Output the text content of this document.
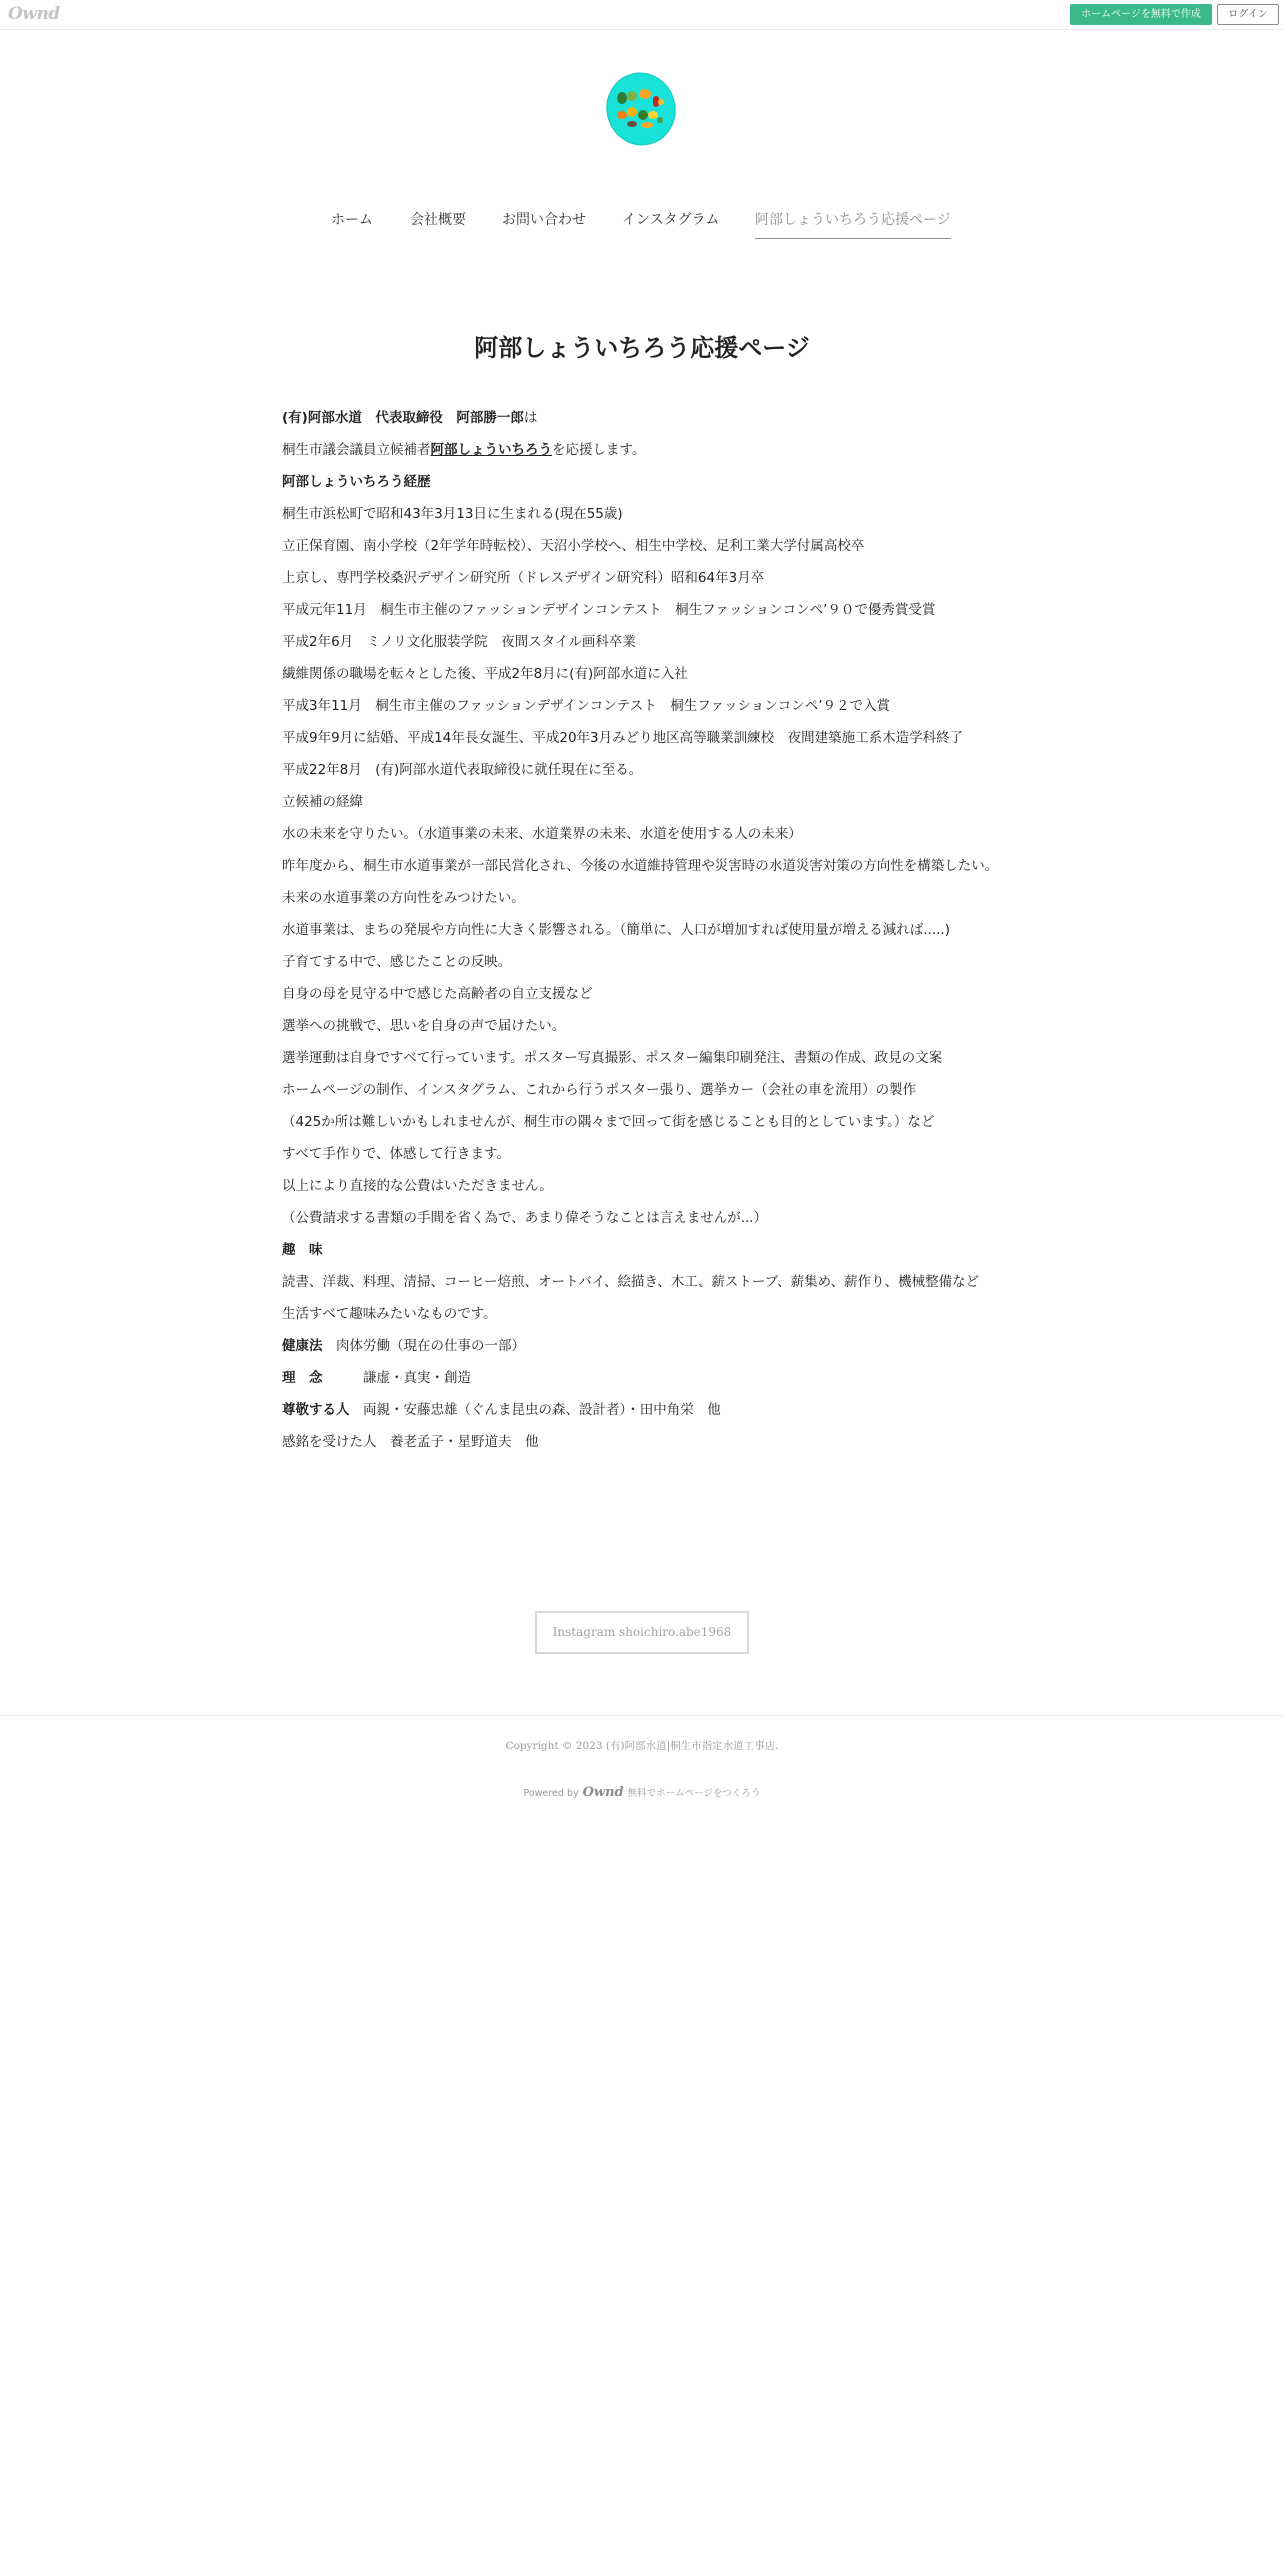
Ownd	ホームページを無料で作成	ログイン
ホーム	会社概要	お問い合わせ	インスタグラム	阿部しょういちろう応援ページ
阿部しょういちろう応援ページ

(有)阿部水道　代表取締役　阿部勝一郎は

桐生市議会議員立候補者阿部しょういちろうを応援します。

阿部しょういちろう経歴

桐生市浜松町で昭和43年3月13日に生まれる(現在55歳)

立正保育園、南小学校（2年学年時転校）、天沼小学校へ、相生中学校、足利工業大学付属高校卒

上京し、専門学校桑沢デザイン研究所（ドレスデザイン研究科）昭和64年3月卒

平成元年11月　桐生市主催のファッションデザインコンテスト　桐生ファッションコンペ’９０で優秀賞受賞

平成2年6月　ミノリ文化服装学院　夜間スタイル画科卒業

繊維関係の職場を転々とした後、平成2年8月に(有)阿部水道に入社

平成3年11月　桐生市主催のファッションデザインコンテスト　桐生ファッションコンペ’９２で入賞

平成9年9月に結婚、平成14年長女誕生、平成20年3月みどり地区高等職業訓練校　夜間建築施工系木造学科終了

平成22年8月　(有)阿部水道代表取締役に就任現在に至る。

立候補の経緯

水の未来を守りたい。（水道事業の未来、水道業界の未来、水道を使用する人の未来）

昨年度から、桐生市水道事業が一部民営化され、今後の水道維持管理や災害時の水道災害対策の方向性を構築したい。

未来の水道事業の方向性をみつけたい。

水道事業は、まちの発展や方向性に大きく影響される。（簡単に、人口が増加すれば使用量が増える減れば.....)

子育てする中で、感じたことの反映。

自身の母を見守る中で感じた高齢者の自立支援など

選挙への挑戦で、思いを自身の声で届けたい。

選挙運動は自身ですべて行っています。ポスター写真撮影、ポスター編集印刷発注、書類の作成、政見の文案

ホームページの制作、インスタグラム、これから行うポスター張り、選挙カー（会社の車を流用）の製作

（425か所は難しいかもしれませんが、桐生市の隅々まで回って街を感じることも目的としています。）など

すべて手作りで、体感して行きます。

以上により直接的な公費はいただきません。

（公費請求する書類の手間を省く為で、あまり偉そうなことは言えませんが...）

趣　味

読書、洋裁、料理、清掃、コーヒー焙煎、オートバイ、絵描き、木工、薪ストーブ、薪集め、薪作り、機械整備など

生活すべて趣味みたいなものです。

健康法　肉体労働（現在の仕事の一部）

理　念　　　謙虚・真実・創造

尊敬する人　両親・安藤忠雄（ぐんま昆虫の森、設計者）・田中角栄　他

感銘を受けた人　養老孟子・星野道夫　他

Instagram shoichiro.abe1968
Copyright © 2023 (有)阿部水道|桐生市指定水道工事店.
Powered by Ownd 無料でホームページをつくろう
